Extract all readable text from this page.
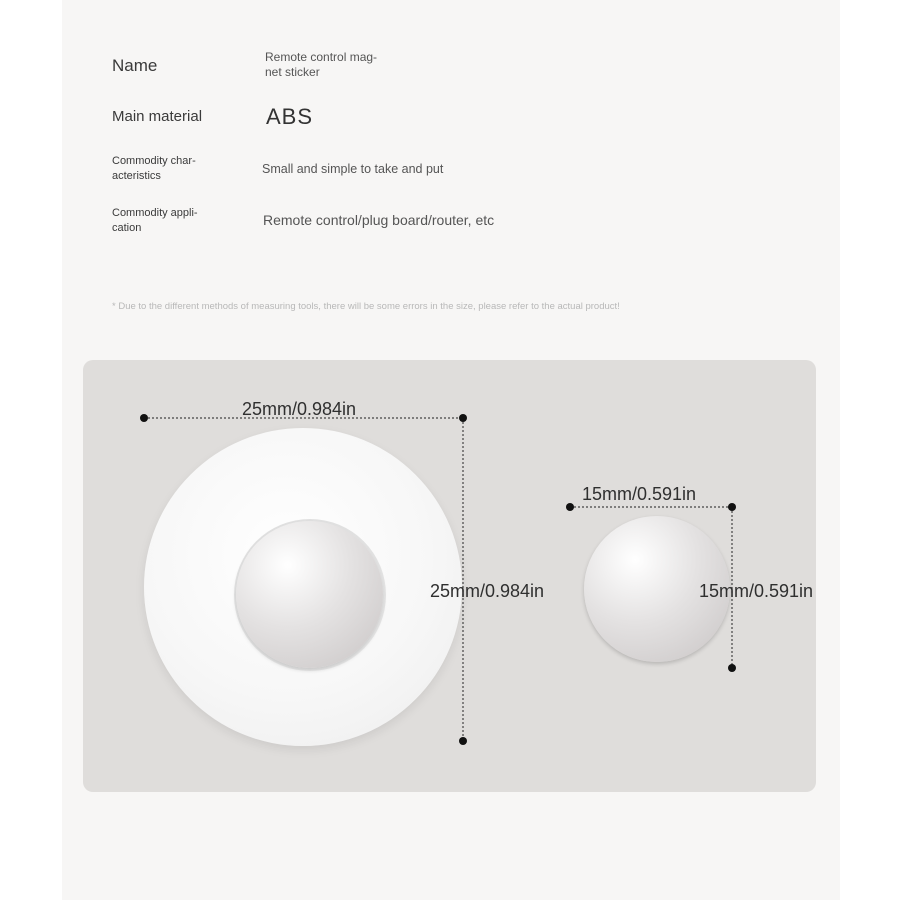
Name	Remote control mag-
net sticker
Main material	ABS
Commodity char-
acteristics	Small and simple to take and put
Commodity appli-
cation	Remote control/plug board/router, etc
* Due to the different methods of measuring tools, there will be some errors in the size, please refer to the actual product!
25mm/0.984in
25mm/0.984in
15mm/0.591in
15mm/0.591in
